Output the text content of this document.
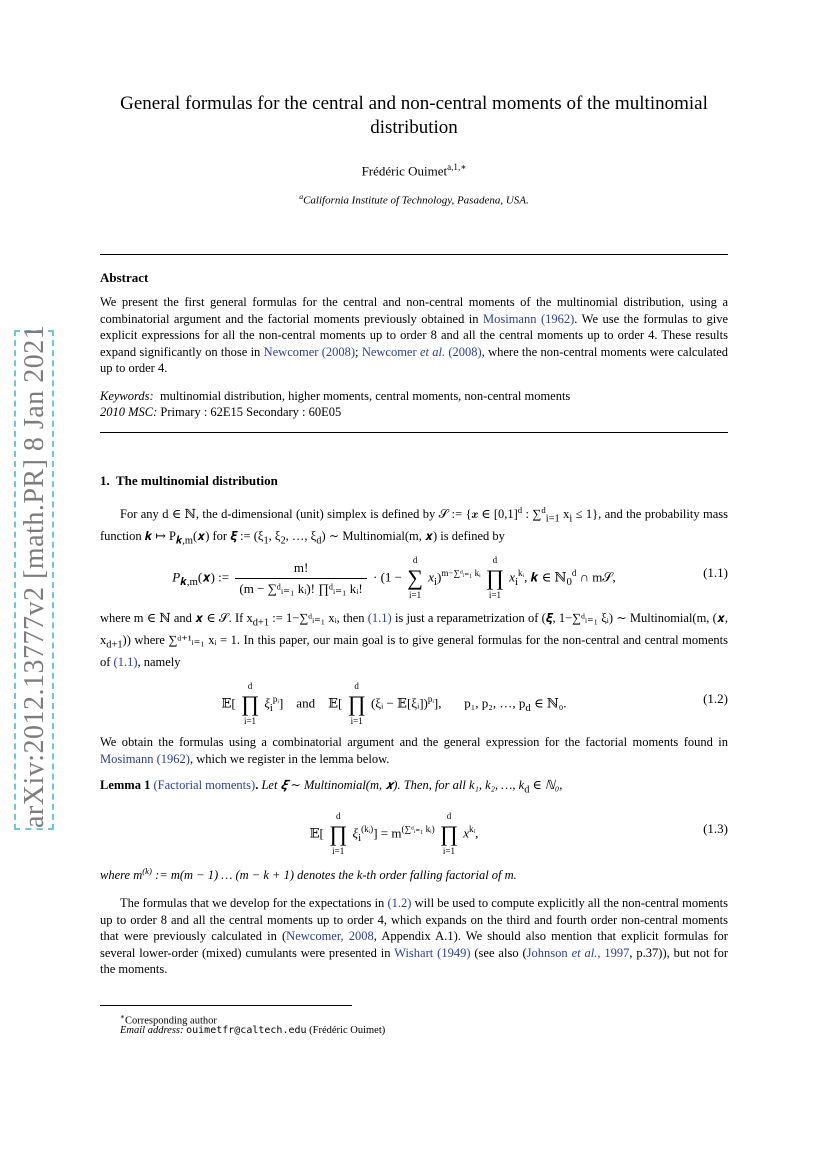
arXiv:2012.13777v2 [math.PR] 8 Jan 2021
General formulas for the central and non-central moments of the multinomial distribution
Frédéric Ouimet$^{a,1,∗}$
$^a$California Institute of Technology, Pasadena, USA.
Abstract
We present the first general formulas for the central and non-central moments of the multinomial distribution, using a combinatorial argument and the factorial moments previously obtained in Mosimann (1962). We use the formulas to give explicit expressions for all the non-central moments up to order 8 and all the central moments up to order 4. These results expand significantly on those in Newcomer (2008); Newcomer et al. (2008), where the non-central moments were calculated up to order 4.
Keywords: multinomial distribution, higher moments, central moments, non-central moments
2010 MSC: Primary : 62E15 Secondary : 60E05
1. The multinomial distribution
For any d ∈ ℕ, the d-dimensional (unit) simplex is defined by 𝒮 := {𝒙 ∈ $[0,1]^d$ : ∑$^d_{i=1}$ $x_i \le 1$}, and the probability mass function 𝒌 ↦ $P_{𝒌,m}(𝒙)$ for 𝝃 := ($\xi_1$, $\xi_2$, …, $\xi_d$) ∼ Multinomial(m, 𝒙) is defined by
$P_{𝒌,m}(𝒙)$ := $\frac{m!}{\text{(m − ∑ᵈᵢ₌₁ kᵢ)! ∏ᵈᵢ₌₁ kᵢ!}} \cdot (1$ −
d
∑
i=1
$x_i)^{m-\sum ᵈᵢ_{=1} kᵢ}$
d
∏
i=1
$x_i^{kᵢ}$, 𝒌 ∈ ℕ$_0^d$ ∩ m𝒮,	(1.1)
where m ∈ ℕ and 𝒙 ∈ 𝒮. If $x_{d+1}$ := 1−∑ᵈᵢ₌₁ xᵢ, then (1.1) is just a reparametrization of (𝝃, 1−∑ᵈᵢ₌₁ ξᵢ) ∼ Multinomial(m, (𝒙, $x_{d+1}$)) where ∑ᵈ⁺¹ᵢ₌₁ xᵢ = 1. In this paper, our main goal is to give general formulas for the non-central and central moments of (1.1), namely
𝔼[
d
∏
i=1
$\xi_i^{pᵢ}$]    and    𝔼[
d
∏
i=1
(ξᵢ − 𝔼[ξᵢ])$^{pᵢ}$],       p₁, p₂, …, $p_d$ ∈ ℕ₀.	(1.2)
We obtain the formulas using a combinatorial argument and the general expression for the factorial moments found in Mosimann (1962), which we register in the lemma below.
Lemma 1 (Factorial moments). Let 𝝃 ∼ Multinomial(m, 𝒙). Then, for all k₁, k₂, …, $k_d$ ∈ ℕ₀,
𝔼[
d
∏
i=1
$\xi_i^{(kᵢ)}] = m^{(\sum ᵈᵢ_{=1} kᵢ)}$
d
∏
i=1
$x^{kᵢ}$,	(1.3)
where $m^{(k)}$ := m(m − 1) … (m − k + 1) denotes the k-th order falling factorial of m.
The formulas that we develop for the expectations in (1.2) will be used to compute explicitly all the non-central moments up to order 8 and all the central moments up to order 4, which expands on the third and fourth order non-central moments that were previously calculated in (Newcomer, 2008, Appendix A.1). We should also mention that explicit formulas for several lower-order (mixed) cumulants were presented in Wishart (1949) (see also (Johnson et al., 1997, p.37)), but not for the moments.
∗Corresponding author
Email address: ouimetfr@caltech.edu (Frédéric Ouimet)
